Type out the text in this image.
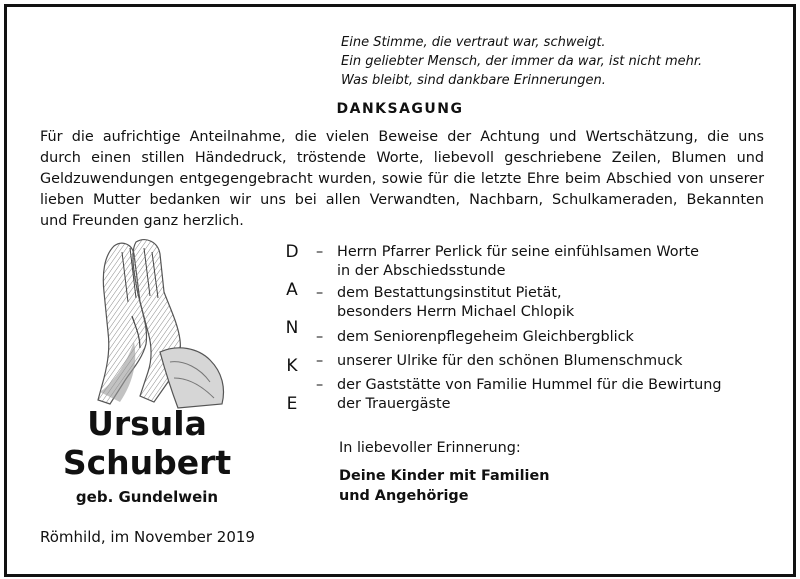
Eine Stimme, die vertraut war, schweigt.
Ein geliebter Mensch, der immer da war, ist nicht mehr.
Was bleibt, sind dankbare Erinnerungen.
DANKSAGUNG
Für die aufrichtige Anteilnahme, die vielen Beweise der Achtung und Wertschätzung, die uns
durch einen stillen Händedruck, tröstende Worte, liebevoll geschriebene Zeilen, Blumen und
Geldzuwendungen entgegengebracht wurden, sowie für die letzte Ehre beim Abschied von unserer
lieben Mutter bedanken wir uns bei allen Verwandten, Nachbarn, Schulkameraden, Bekannten
und Freunden ganz herzlich.
Ursula
Schubert
geb. Gundelwein
Römhild, im November 2019
D
A
N
K
E
– Herrn Pfarrer Perlick für seine einfühlsamen Worte
in der Abschiedsstunde
– dem Bestattungsinstitut Pietät,
besonders Herrn Michael Chlopik
– dem Seniorenpflegeheim Gleichbergblick
– unserer Ulrike für den schönen Blumenschmuck
– der Gaststätte von Familie Hummel für die Bewirtung
der Trauergäste
In liebevoller Erinnerung:
Deine Kinder mit Familien
und Angehörige
